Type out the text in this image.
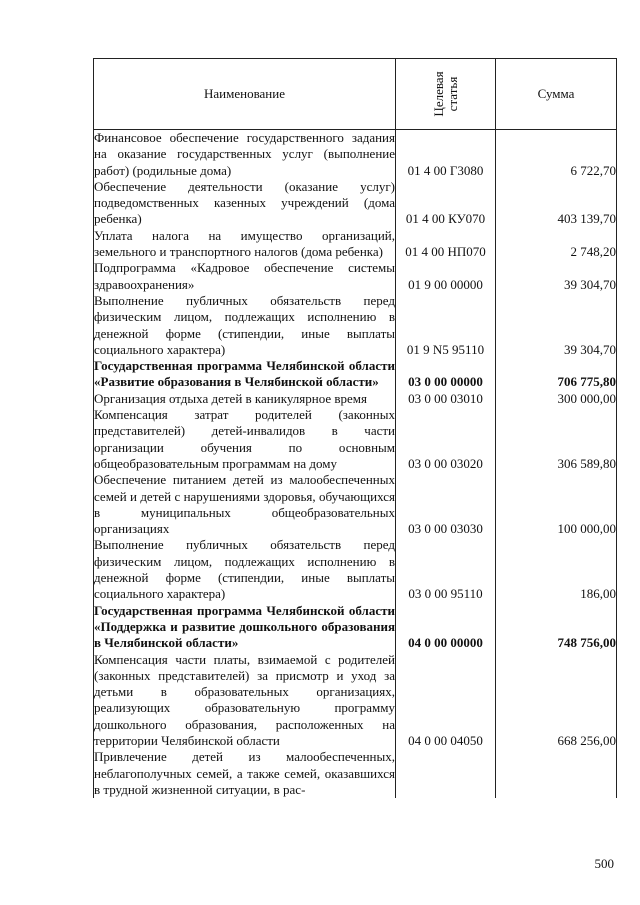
Наименование	Целевая статья	Сумма
Финансовое обеспечение государственного задания на оказание государственных услуг (выполнение работ) (родильные дома)	01 4 00 Г3080	6 722,70
Обеспечение деятельности (оказание услуг) подведомственных казенных учреждений (дома ребенка)	01 4 00 КУ070	403 139,70
Уплата налога на имущество организаций, земельного и транспортного налогов (дома ребенка)	01 4 00 НП070	2 748,20
Подпрограмма «Кадровое обеспечение системы здравоохранения»	01 9 00 00000	39 304,70
Выполнение публичных обязательств перед физическим лицом, подлежащих исполнению в денежной форме (стипендии, иные выплаты социального характера)	01 9 N5 95110	39 304,70
Государственная программа Челябинской области «Развитие образования в Челябинской области»	03 0 00 00000	706 775,80
Организация отдыха детей в каникулярное время	03 0 00 03010	300 000,00
Компенсация затрат родителей (законных представителей) детей-инвалидов в части организации обучения по основным общеобразовательным программам на дому	03 0 00 03020	306 589,80
Обеспечение питанием детей из малообеспеченных семей и детей с нарушениями здоровья, обучающихся в муниципальных общеобразовательных организациях	03 0 00 03030	100 000,00
Выполнение публичных обязательств перед физическим лицом, подлежащих исполнению в денежной форме (стипендии, иные выплаты социального характера)	03 0 00 95110	186,00
Государственная программа Челябинской области «Поддержка и развитие дошкольного образования в Челябинской области»	04 0 00 00000	748 756,00
Компенсация части платы, взимаемой с родителей (законных представителей) за присмотр и уход за детьми в образовательных организациях, реализующих образовательную программу дошкольного образования, расположенных на территории Челябинской области	04 0 00 04050	668 256,00
Привлечение детей из малообеспеченных, неблагополучных семей, а также семей, оказавшихся в трудной жизненной ситуации, в рас-		
500
